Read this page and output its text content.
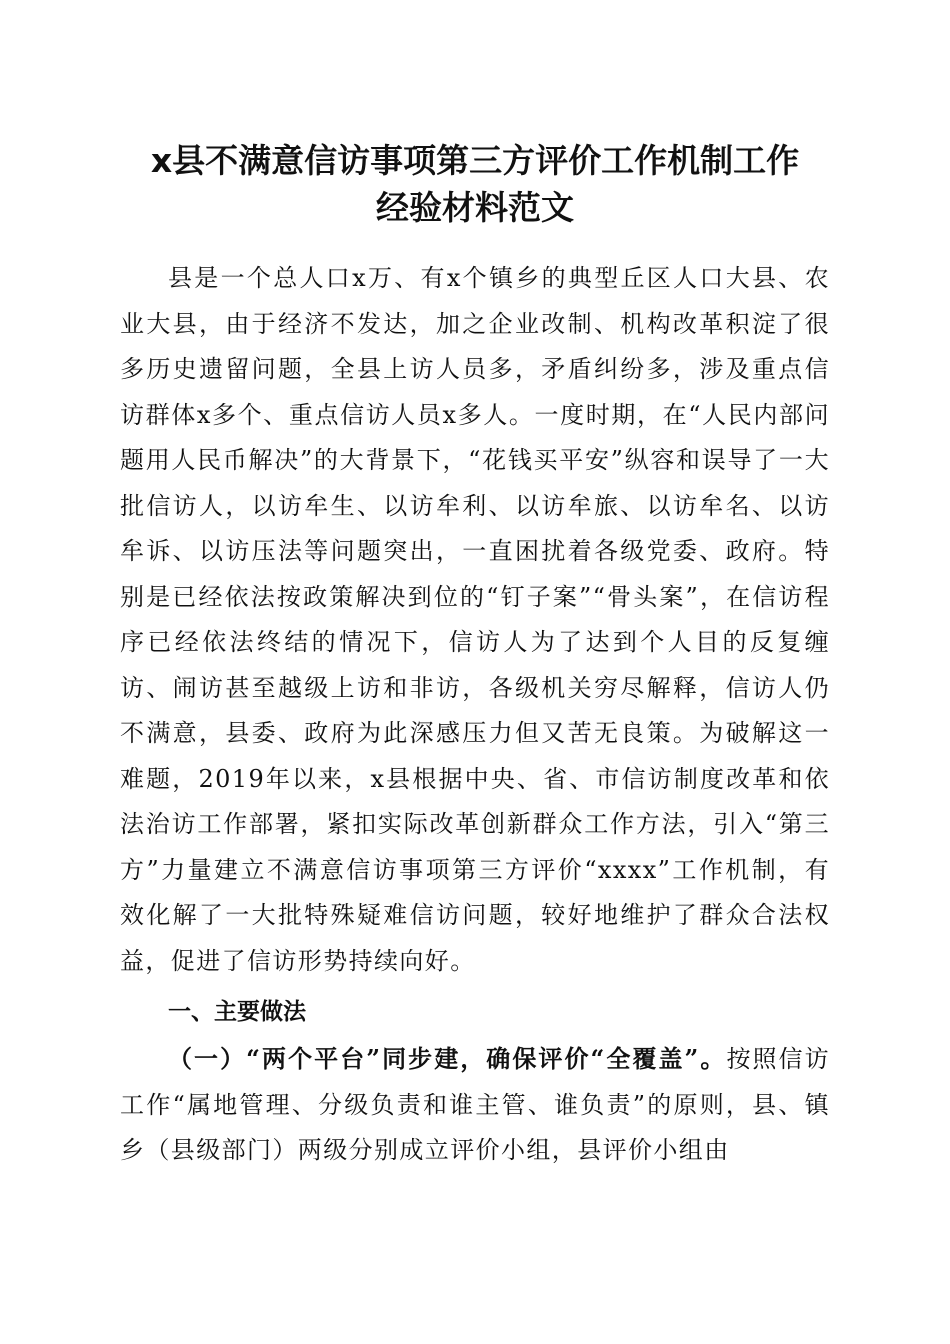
x县不满意信访事项第三方评价工作机制工作
经验材料范文

县是一个总人口x万、有x个镇乡的典型丘区人口大县、农业大县，由于经济不发达，加之企业改制、机构改革积淀了很多历史遗留问题，全县上访人员多，矛盾纠纷多，涉及重点信访群体x多个、重点信访人员x多人。一度时期，在“人民内部问题用人民币解决”的大背景下，“花钱买平安”纵容和误导了一大批信访人，以访牟生、以访牟利、以访牟旅、以访牟名、以访牟诉、以访压法等问题突出，一直困扰着各级党委、政府。特别是已经依法按政策解决到位的“钉子案”“骨头案”，在信访程序已经依法终结的情况下，信访人为了达到个人目的反复缠访、闹访甚至越级上访和非访，各级机关穷尽解释，信访人仍不满意，县委、政府为此深感压力但又苦无良策。为破解这一难题，2019年以来，x县根据中央、省、市信访制度改革和依法治访工作部署，紧扣实际改革创新群众工作方法，引入“第三方”力量建立不满意信访事项第三方评价“xxxx”工作机制，有效化解了一大批特殊疑难信访问题，较好地维护了群众合法权益，促进了信访形势持续向好。

一、主要做法

（一）“两个平台”同步建，确保评价“全覆盖”。按照信访工作“属地管理、分级负责和谁主管、谁负责”的原则，县、镇乡（县级部门）两级分别成立评价小组，县评价小组由
